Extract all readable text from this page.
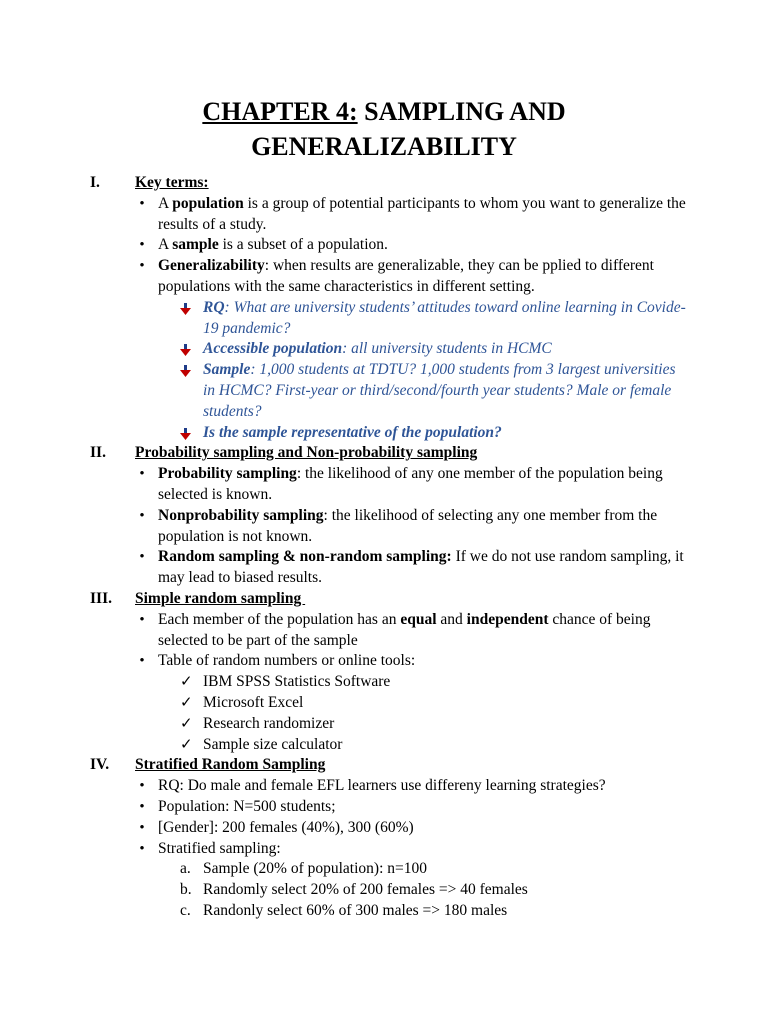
CHAPTER 4: SAMPLING AND
GENERALIZABILITY
I. Key terms:
• A population is a group of potential participants to whom you want to generalize the results of a study.
• A sample is a subset of a population.
• Generalizability: when results are generalizable, they can be pplied to different populations with the same characteristics in different setting.
RQ: What are university students’ attitudes toward online learning in Covide-19 pandemic?
Accessible population: all university students in HCMC
Sample: 1,000 students at TDTU? 1,000 students from 3 largest universities in HCMC? First-year or third/second/fourth year students? Male or female students?
Is the sample representative of the population?
II. Probability sampling and Non-probability sampling
• Probability sampling: the likelihood of any one member of the population being selected is known.
• Nonprobability sampling: the likelihood of selecting any one member from the population is not known.
• Random sampling & non-random sampling: If we do not use random sampling, it may lead to biased results.
III. Simple random sampling
• Each member of the population has an equal and independent chance of being selected to be part of the sample
• Table of random numbers or online tools:
✓ IBM SPSS Statistics Software
✓ Microsoft Excel
✓ Research randomizer
✓ Sample size calculator
IV. Stratified Random Sampling
• RQ: Do male and female EFL learners use differeny learning strategies?
• Population: N=500 students;
• [Gender]: 200 females (40%), 300 (60%)
• Stratified sampling:
a. Sample (20% of population): n=100
b. Randomly select 20% of 200 females => 40 females
c. Randonly select 60% of 300 males => 180 males
